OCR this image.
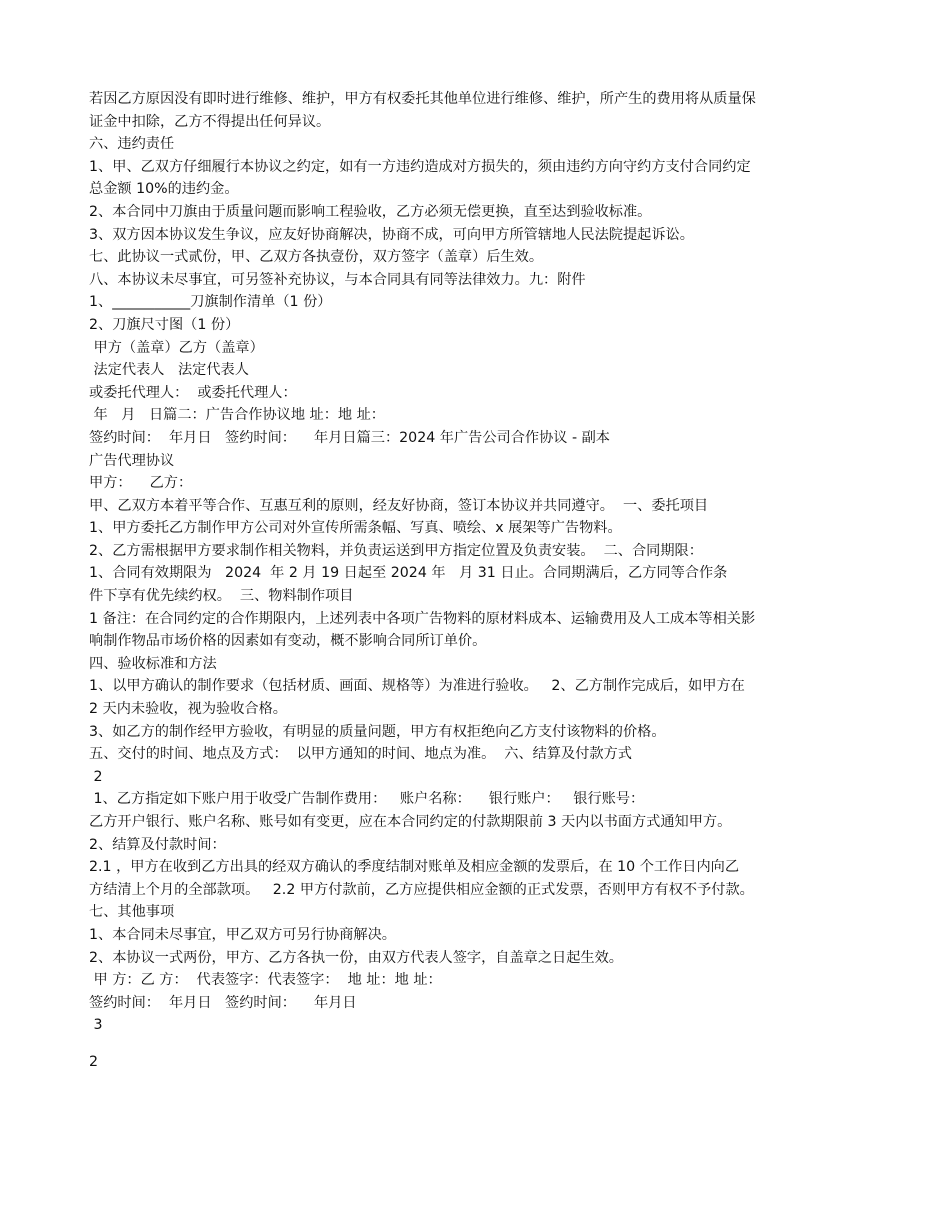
若因乙方原因没有即时进行维修、维护，甲方有权委托其他单位进行维修、维护，所产生的费用将从质量保
证金中扣除，乙方不得提出任何异议。
六、违约责任
1、甲、乙双方仔细履行本协议之约定，如有一方违约造成对方损失的，须由违约方向守约方支付合同约定
总金额 10%的违约金。
2、本合同中刀旗由于质量问题而影响工程验收，乙方必须无偿更换，直至达到验收标准。
3、双方因本协议发生争议，应友好协商解决，协商不成，可向甲方所管辖地人民法院提起诉讼。
七、此协议一式贰份，甲、乙双方各执壹份，双方签字（盖章）后生效。
八、本协议未尽事宜，可另签补充协议，与本合同具有同等法律效力。九：附件
1、___________刀旗制作清单（1 份）
2、刀旗尺寸图（1 份）
甲方（盖章）乙方（盖章）
法定代表人   法定代表人
或委托代理人：  或委托代理人：
年   月   日篇二：广告合作协议地 址：地 址：
签约时间：  年月日   签约时间：    年月日篇三：2024 年广告公司合作协议 - 副本
广告代理协议
甲方：    乙方：
甲、乙双方本着平等合作、互惠互利的原则，经友好协商，签订本协议并共同遵守。  一、委托项目
1、甲方委托乙方制作甲方公司对外宣传所需条幅、写真、喷绘、x 展架等广告物料。
2、乙方需根据甲方要求制作相关物料，并负责运送到甲方指定位置及负责安装。  二、合同期限：
1、合同有效期限为   2024  年 2 月 19 日起至 2024 年   月 31 日止。合同期满后，乙方同等合作条
件下享有优先续约权。  三、物料制作项目
1 备注：在合同约定的合作期限内，上述列表中各项广告物料的原材料成本、运输费用及人工成本等相关影
响制作物品市场价格的因素如有变动，概不影响合同所订单价。
四、验收标准和方法
1、以甲方确认的制作要求（包括材质、画面、规格等）为准进行验收。   2、乙方制作完成后，如甲方在
2 天内未验收，视为验收合格。
3、如乙方的制作经甲方验收，有明显的质量问题，甲方有权拒绝向乙方支付该物料的价格。
五、交付的时间、地点及方式：  以甲方通知的时间、地点为准。  六、结算及付款方式
2
1、乙方指定如下账户用于收受广告制作费用：   账户名称：    银行账户：   银行账号：
乙方开户银行、账户名称、账号如有变更，应在本合同约定的付款期限前 3 天内以书面方式通知甲方。
2、结算及付款时间：
2.1 ，甲方在收到乙方出具的经双方确认的季度结制对账单及相应金额的发票后，在 10 个工作日内向乙
方结清上个月的全部款项。   2.2 甲方付款前，乙方应提供相应金额的正式发票，否则甲方有权不予付款。
七、其他事项
1、本合同未尽事宜，甲乙双方可另行协商解决。
2、本协议一式两份，甲方、乙方各执一份，由双方代表人签字，自盖章之日起生效。
甲 方：乙 方：  代表签字：代表签字：  地 址：地 址：
签约时间：  年月日   签约时间：    年月日
3
2
